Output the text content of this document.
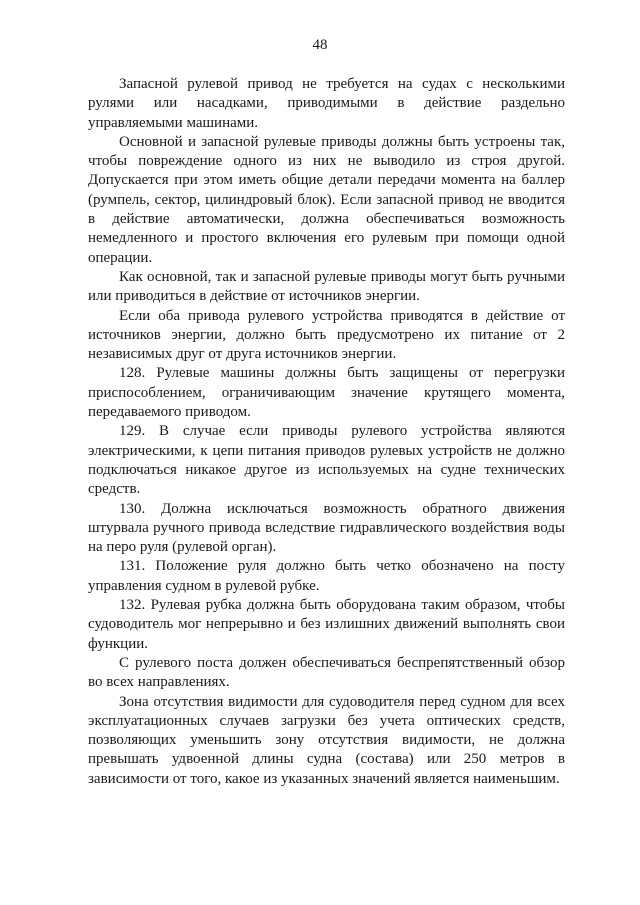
48

Запасной рулевой привод не требуется на судах с несколькими рулями или насадками, приводимыми в действие раздельно управляемыми машинами.

Основной и запасной рулевые приводы должны быть устроены так, чтобы повреждение одного из них не выводило из строя другой. Допускается при этом иметь общие детали передачи момента на баллер (румпель, сектор, цилиндровый блок). Если запасной привод не вводится в действие автоматически, должна обеспечиваться возможность немедленного и простого включения его рулевым при помощи одной операции.

Как основной, так и запасной рулевые приводы могут быть ручными или приводиться в действие от источников энергии.

Если оба привода рулевого устройства приводятся в действие от источников энергии, должно быть предусмотрено их питание от 2 независимых друг от друга источников энергии.

128. Рулевые машины должны быть защищены от перегрузки приспособлением, ограничивающим значение крутящего момента, передаваемого приводом.

129. В случае если приводы рулевого устройства являются электрическими, к цепи питания приводов рулевых устройств не должно подключаться никакое другое из используемых на судне технических средств.

130. Должна исключаться возможность обратного движения штурвала ручного привода вследствие гидравлического воздействия воды на перо руля (рулевой орган).

131. Положение руля должно быть четко обозначено на посту управления судном в рулевой рубке.

132. Рулевая рубка должна быть оборудована таким образом, чтобы судоводитель мог непрерывно и без излишних движений выполнять свои функции.

С рулевого поста должен обеспечиваться беспрепятственный обзор во всех направлениях.

Зона отсутствия видимости для судоводителя перед судном для всех эксплуатационных случаев загрузки без учета оптических средств, позволяющих уменьшить зону отсутствия видимости, не должна превышать удвоенной длины судна (состава) или 250 метров в зависимости от того, какое из указанных значений является наименьшим.
